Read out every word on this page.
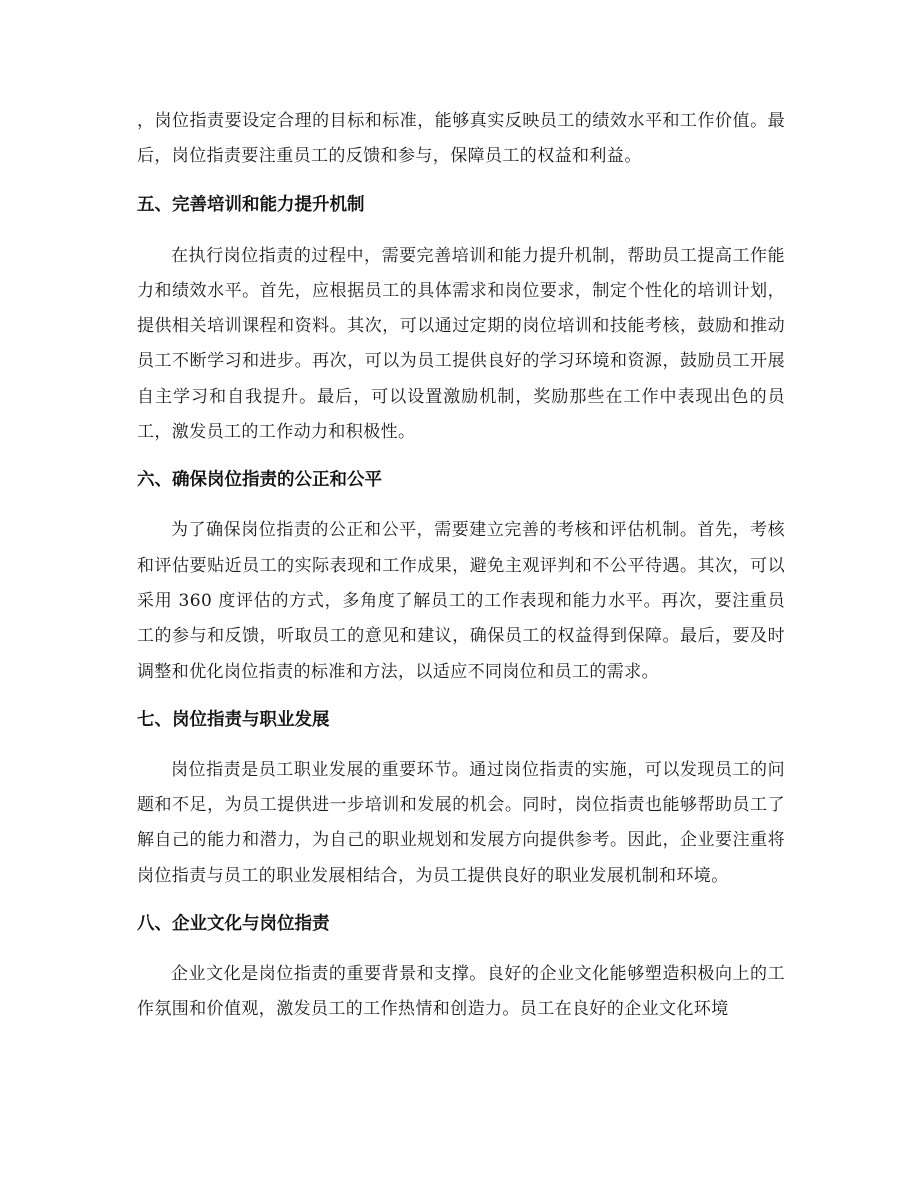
，岗位指责要设定合理的目标和标准，能够真实反映员工的绩效水平和工作价值。最后，岗位指责要注重员工的反馈和参与，保障员工的权益和利益。

五、完善培训和能力提升机制

在执行岗位指责的过程中，需要完善培训和能力提升机制，帮助员工提高工作能力和绩效水平。首先，应根据员工的具体需求和岗位要求，制定个性化的培训计划，提供相关培训课程和资料。其次，可以通过定期的岗位培训和技能考核，鼓励和推动员工不断学习和进步。再次，可以为员工提供良好的学习环境和资源，鼓励员工开展自主学习和自我提升。最后，可以设置激励机制，奖励那些在工作中表现出色的员工，激发员工的工作动力和积极性。

六、确保岗位指责的公正和公平

为了确保岗位指责的公正和公平，需要建立完善的考核和评估机制。首先，考核和评估要贴近员工的实际表现和工作成果，避免主观评判和不公平待遇。其次，可以采用 360 度评估的方式，多角度了解员工的工作表现和能力水平。再次，要注重员工的参与和反馈，听取员工的意见和建议，确保员工的权益得到保障。最后，要及时调整和优化岗位指责的标准和方法，以适应不同岗位和员工的需求。

七、岗位指责与职业发展

岗位指责是员工职业发展的重要环节。通过岗位指责的实施，可以发现员工的问题和不足，为员工提供进一步培训和发展的机会。同时，岗位指责也能够帮助员工了解自己的能力和潜力，为自己的职业规划和发展方向提供参考。因此，企业要注重将岗位指责与员工的职业发展相结合，为员工提供良好的职业发展机制和环境。

八、企业文化与岗位指责

企业文化是岗位指责的重要背景和支撑。良好的企业文化能够塑造积极向上的工作氛围和价值观，激发员工的工作热情和创造力。员工在良好的企业文化环境
